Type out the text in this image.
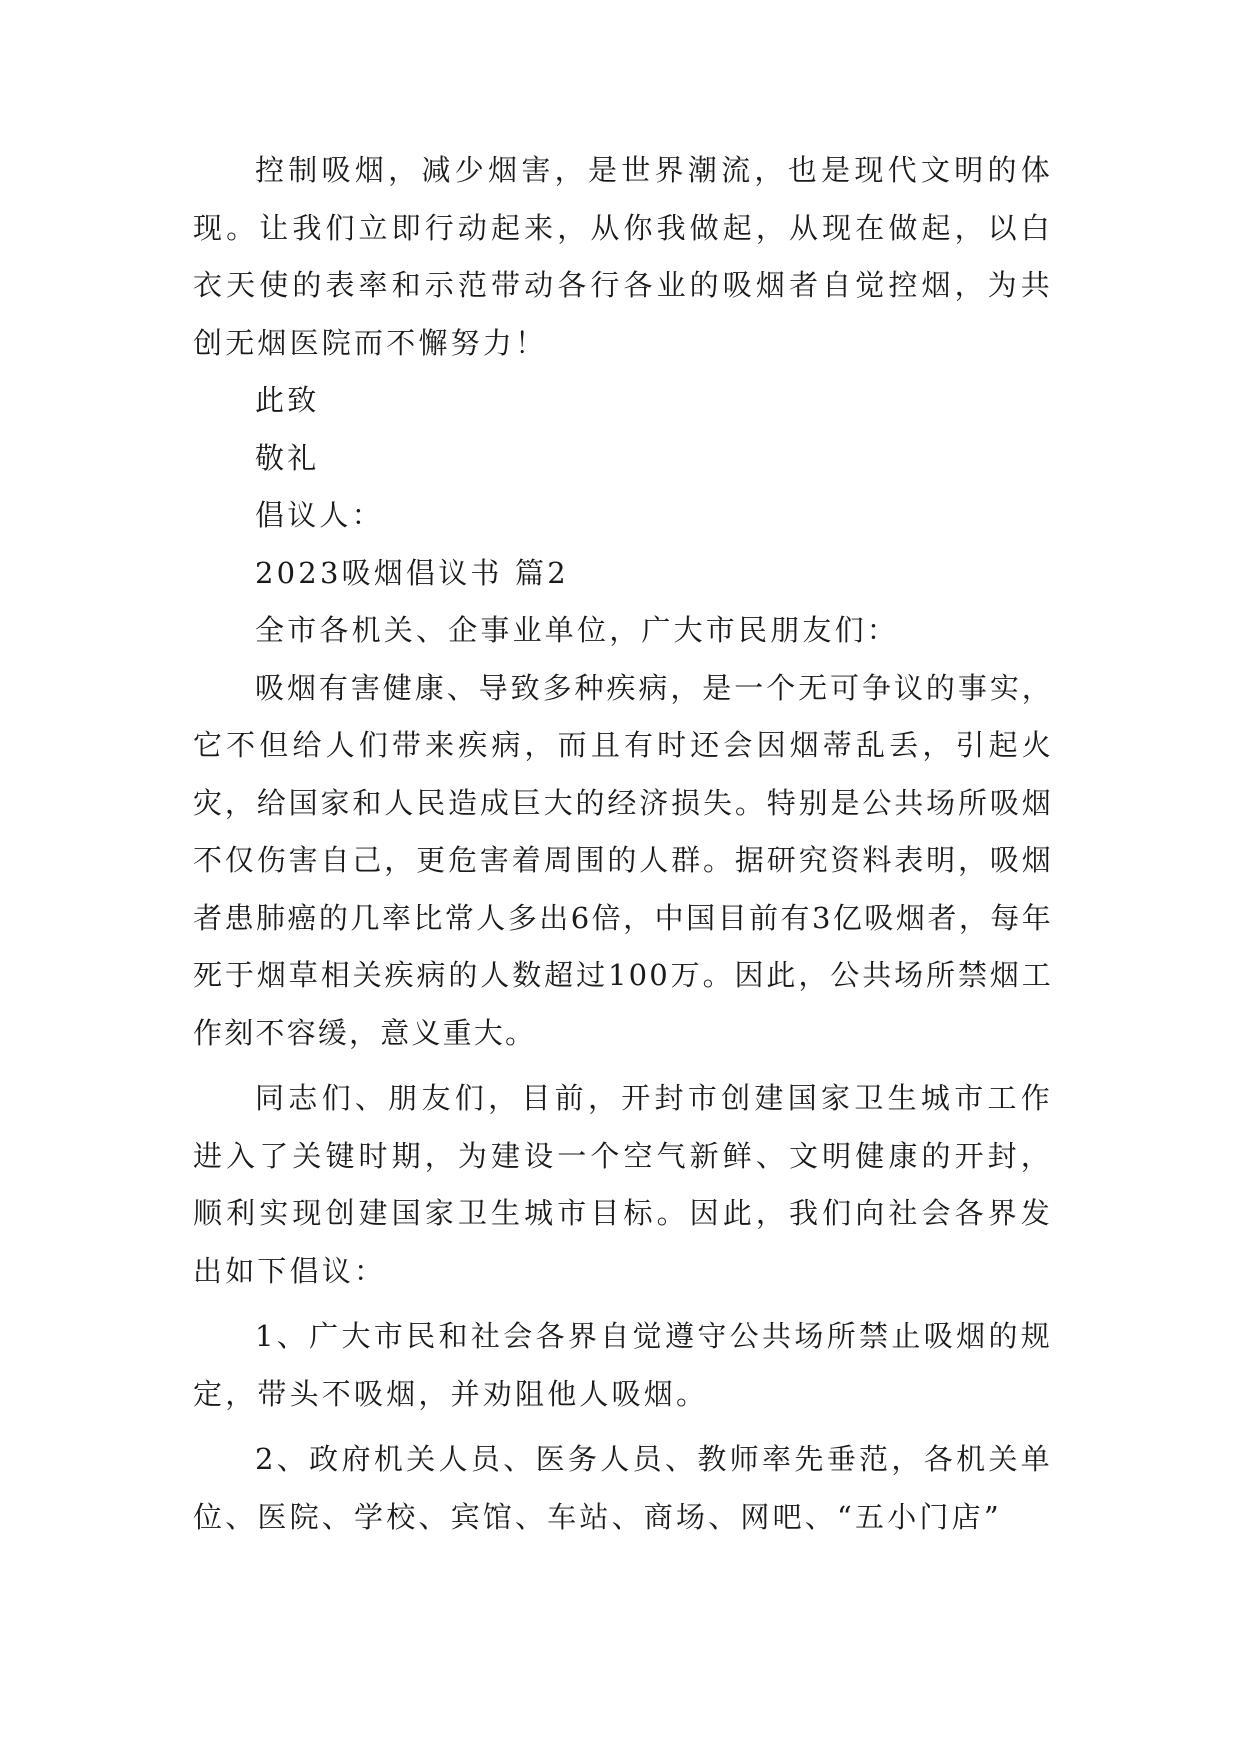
控制吸烟，减少烟害，是世界潮流，也是现代文明的体现。让我们立即行动起来，从你我做起，从现在做起，以白衣天使的表率和示范带动各行各业的吸烟者自觉控烟，为共创无烟医院而不懈努力！

此致

敬礼

倡议人：

2023吸烟倡议书 篇2

全市各机关、企事业单位，广大市民朋友们：

吸烟有害健康、导致多种疾病，是一个无可争议的事实，它不但给人们带来疾病，而且有时还会因烟蒂乱丢，引起火灾，给国家和人民造成巨大的经济损失。特别是公共场所吸烟不仅伤害自己，更危害着周围的人群。据研究资料表明，吸烟者患肺癌的几率比常人多出6倍，中国目前有3亿吸烟者，每年死于烟草相关疾病的人数超过100万。因此，公共场所禁烟工作刻不容缓，意义重大。

同志们、朋友们，目前，开封市创建国家卫生城市工作进入了关键时期，为建设一个空气新鲜、文明健康的开封，顺利实现创建国家卫生城市目标。因此，我们向社会各界发出如下倡议：

1、广大市民和社会各界自觉遵守公共场所禁止吸烟的规定，带头不吸烟，并劝阻他人吸烟。

2、政府机关人员、医务人员、教师率先垂范，各机关单位、医院、学校、宾馆、车站、商场、网吧、“五小门店”
